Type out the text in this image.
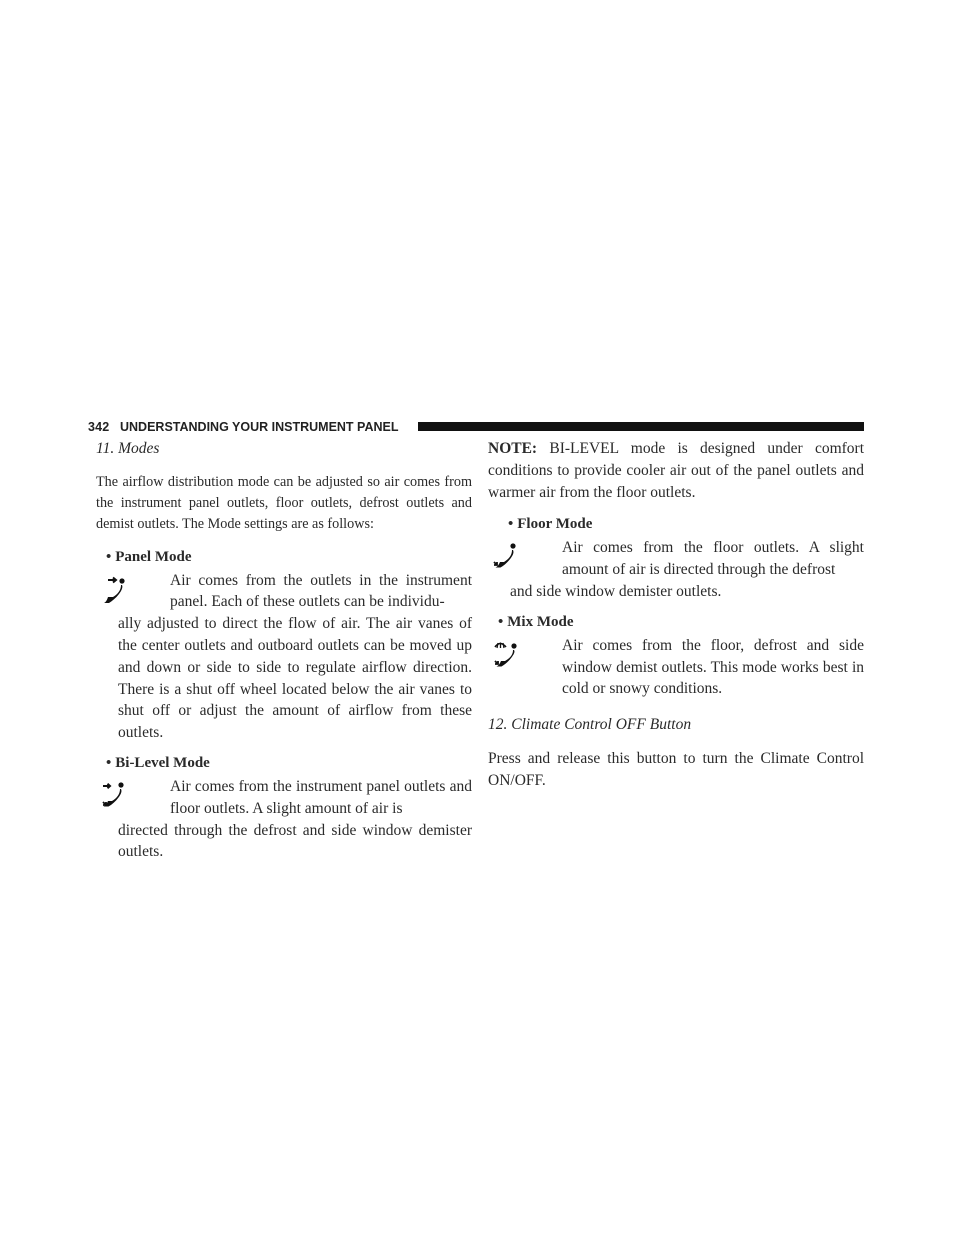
342 UNDERSTANDING YOUR INSTRUMENT PANEL
11. Modes
The airflow distribution mode can be adjusted so air comes from the instrument panel outlets, floor outlets, defrost outlets and demist outlets. The Mode settings are as follows:
• Panel Mode
Air comes from the outlets in the instrument panel. Each of these outlets can be individu-
ally adjusted to direct the flow of air. The air vanes of the center outlets and outboard outlets can be moved up and down or side to side to regulate airflow direction. There is a shut off wheel located below the air vanes to shut off or adjust the amount of airflow from these outlets.
• Bi-Level Mode
Air comes from the instrument panel outlets and floor outlets. A slight amount of air is
directed through the defrost and side window demister outlets.
NOTE: BI-LEVEL mode is designed under comfort conditions to provide cooler air out of the panel outlets and warmer air from the floor outlets.
• Floor Mode
Air comes from the floor outlets. A slight amount of air is directed through the defrost
and side window demister outlets.
• Mix Mode
Air comes from the floor, defrost and side window demist outlets. This mode works best in cold or snowy conditions.
12. Climate Control OFF Button
Press and release this button to turn the Climate Control ON/OFF.
